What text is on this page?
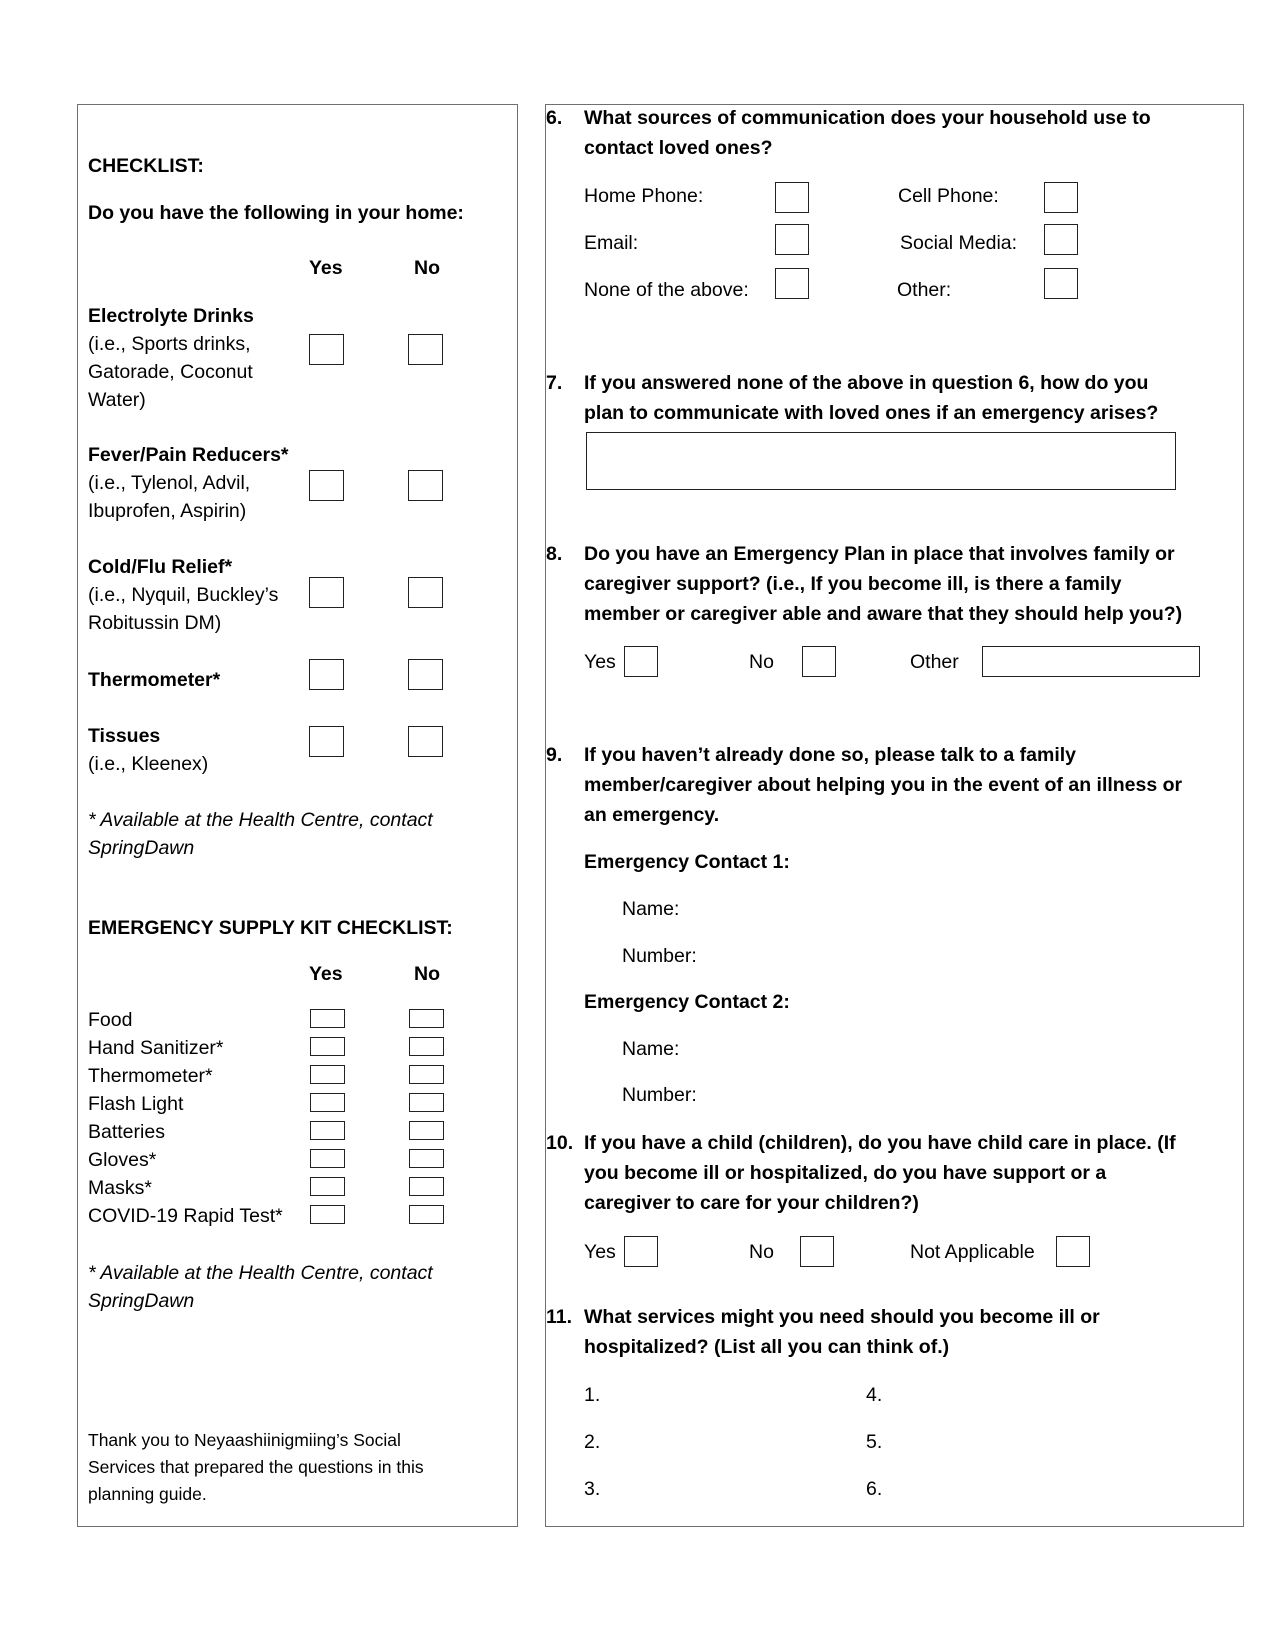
CHECKLIST:
Do you have the following in your home:
Yes	No
Electrolyte Drinks
(i.e., Sports drinks,
Gatorade, Coconut
Water)
Fever/Pain Reducers*
(i.e., Tylenol, Advil,
Ibuprofen, Aspirin)
Cold/Flu Relief*
(i.e., Nyquil, Buckley’s
Robitussin DM)
Thermometer*
Tissues
(i.e., Kleenex)
* Available at the Health Centre, contact
SpringDawn
EMERGENCY SUPPLY KIT CHECKLIST:
Yes	No
Food
Hand Sanitizer*
Thermometer*
Flash Light
Batteries
Gloves*
Masks*
COVID-19 Rapid Test*
* Available at the Health Centre, contact
SpringDawn
Thank you to Neyaashiinigmiing’s Social
Services that prepared the questions in this
planning guide.
6. What sources of communication does your household use to
contact loved ones?
Home Phone:	Cell Phone:
Email:	Social Media:
None of the above:	Other:
7. If you answered none of the above in question 6, how do you
plan to communicate with loved ones if an emergency arises?
8. Do you have an Emergency Plan in place that involves family or
caregiver support? (i.e., If you become ill, is there a family
member or caregiver able and aware that they should help you?)
Yes	No	Other
9. If you haven’t already done so, please talk to a family
member/caregiver about helping you in the event of an illness or
an emergency.
Emergency Contact 1:
Name:
Number:
Emergency Contact 2:
Name:
Number:
10. If you have a child (children), do you have child care in place. (If
you become ill or hospitalized, do you have support or a
caregiver to care for your children?)
Yes	No	Not Applicable
11. What services might you need should you become ill or
hospitalized? (List all you can think of.)
1.
2.
3.
4.
5.
6.
